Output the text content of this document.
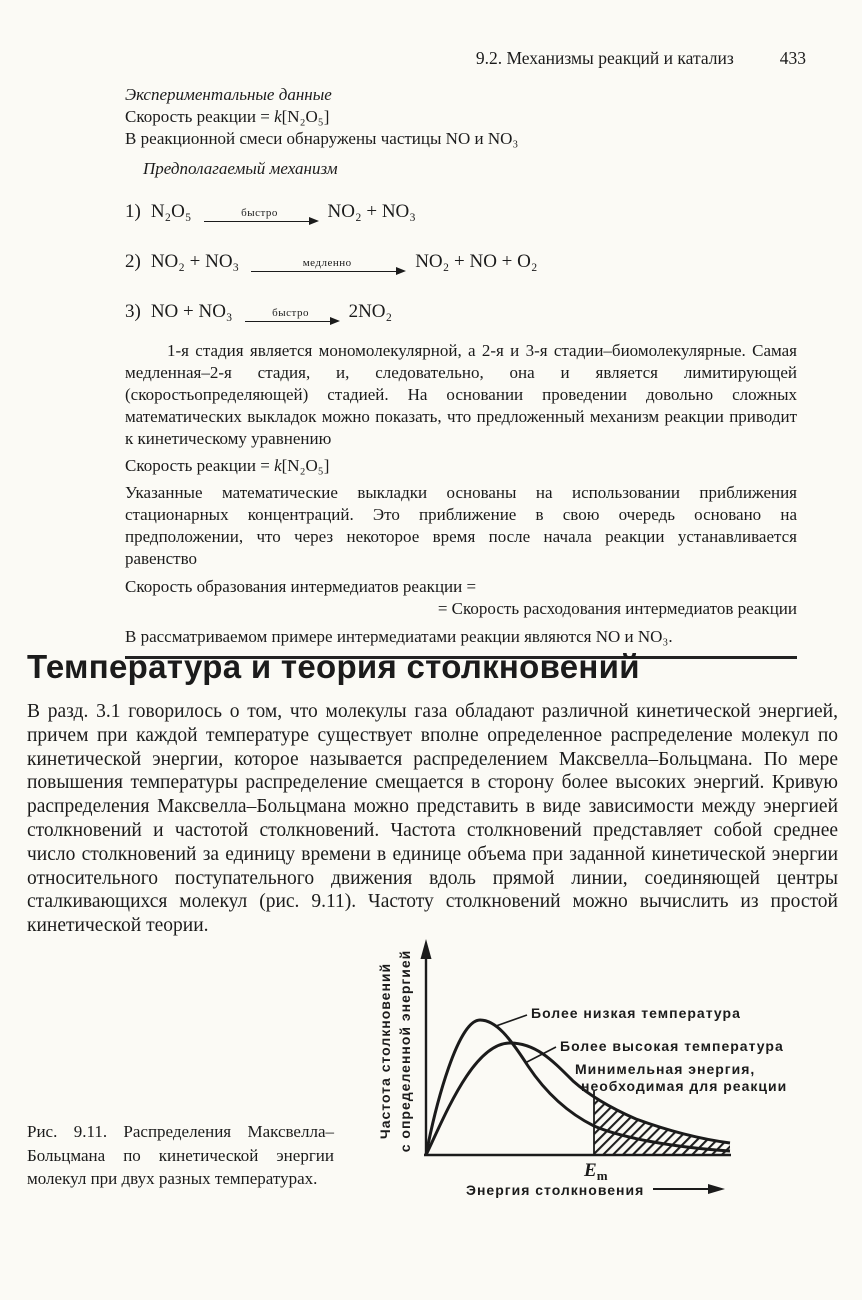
9.2. Механизмы реакций и катализ	433

Экспериментальные данные

Скорость реакции = k[N₂O₅]

В реакционной смеси обнаружены частицы NO и NO₃

Предполагаемый механизм

1) N₂O₅	быстро	NO₂ + NO₃
2) NO₂ + NO₃	медленно	NO₂ + NO + O₂
3) NO + NO₃	быстро 2NO₂

1-я стадия является мономолекулярной, а 2-я и 3-я стадии–биомолекулярные. Самая медленная–2-я стадия, и, следовательно, она и является лимитирующей (скоростьопределяющей) стадией. На основании проведении довольно сложных математических выкладок можно показать, что предложенный механизм реакции приводит к кинетическому уравнению

Скорость реакции = k[N₂O₅]

Указанные математические выкладки основаны на использовании приближения стационарных концентраций. Это приближение в свою очередь основано на предположении, что через некоторое время после начала реакции устанавливается равенство

Скорость образования интермедиатов реакции =

= Скорость расходования интермедиатов реакции

В рассматриваемом примере интермедиатами реакции являются NO и NO₃.

Температура и теория столкновений

В разд. 3.1 говорилось о том, что молекулы газа обладают различной кинетической энергией, причем при каждой температуре существует вполне определенное распределение молекул по кинетической энергии, которое называется распределением Максвелла–Больцмана. По мере повышения температуры распределение смещается в сторону более высоких энергий. Кривую распределения Максвелла–Больцмана можно представить в виде зависимости между энергией столкновений и частотой столкновений. Частота столкновений представляет собой среднее число столкновений за единицу времени в единице объема при заданной кинетической энергии относительного поступательного движения вдоль прямой линии, соединяющей центры сталкивающихся молекул (рис. 9.11). Частоту столкновений можно вычислить из простой кинетической теории.

Частота столкновений с определенной энергией
Энергия столкновения
Более низкая температура
Более высокая температура
Минимельная энергия,
необходимая для реакции
$E_m$

Рис. 9.11. Распределения Максвелла–Больцмана по кинетической энергии молекул при двух разных температурах.
